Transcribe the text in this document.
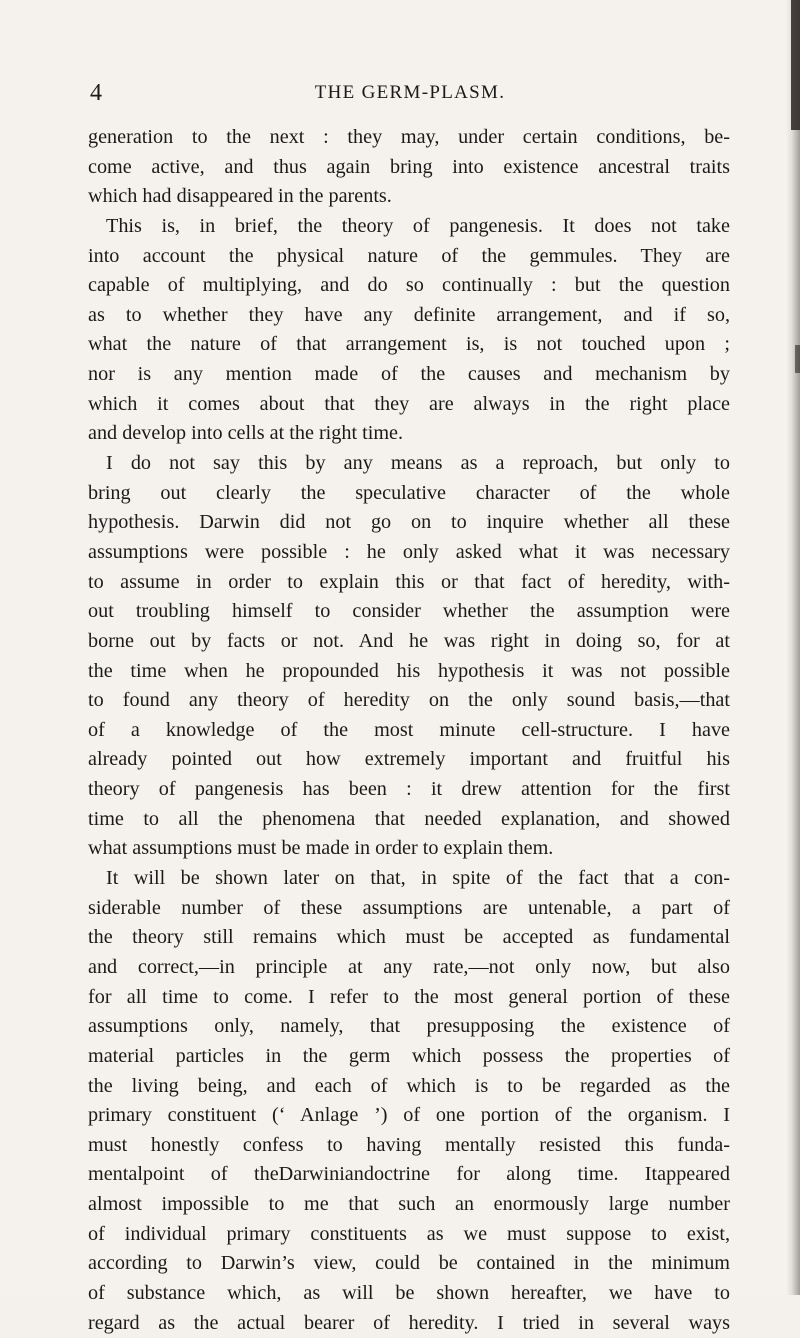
4	THE GERM-PLASM.
generation to the next : they may, under certain conditions, be-
come active, and thus again bring into existence ancestral traits
which had disappeared in the parents.
This is, in brief, the theory of pangenesis. It does not take
into account the physical nature of the gemmules. They are
capable of multiplying, and do so continually : but the question
as to whether they have any definite arrangement, and if so,
what the nature of that arrangement is, is not touched upon ;
nor is any mention made of the causes and mechanism by
which it comes about that they are always in the right place
and develop into cells at the right time.
I do not say this by any means as a reproach, but only to
bring out clearly the speculative character of the whole
hypothesis. Darwin did not go on to inquire whether all these
assumptions were possible : he only asked what it was necessary
to assume in order to explain this or that fact of heredity, with-
out troubling himself to consider whether the assumption were
borne out by facts or not. And he was right in doing so, for at
the time when he propounded his hypothesis it was not possible
to found any theory of heredity on the only sound basis,—that
of a knowledge of the most minute cell-structure. I have
already pointed out how extremely important and fruitful his
theory of pangenesis has been : it drew attention for the first
time to all the phenomena that needed explanation, and showed
what assumptions must be made in order to explain them.
It will be shown later on that, in spite of the fact that a con-
siderable number of these assumptions are untenable, a part of
the theory still remains which must be accepted as fundamental
and correct,—in principle at any rate,—not only now, but also
for all time to come. I refer to the most general portion of these
assumptions only, namely, that presupposing the existence of
material particles in the germ which possess the properties of
the living being, and each of which is to be regarded as the
primary constituent (‘ Anlage ’) of one portion of the organism. I
must honestly confess to having mentally resisted this funda-
mentalpoint of theDarwiniandoctrine for along time. Itappeared
almost impossible to me that such an enormously large number
of individual primary constituents as we must suppose to exist,
according to Darwin’s view, could be contained in the minimum
of substance which, as will be shown hereafter, we have to
regard as the actual bearer of heredity. I tried in several ways
